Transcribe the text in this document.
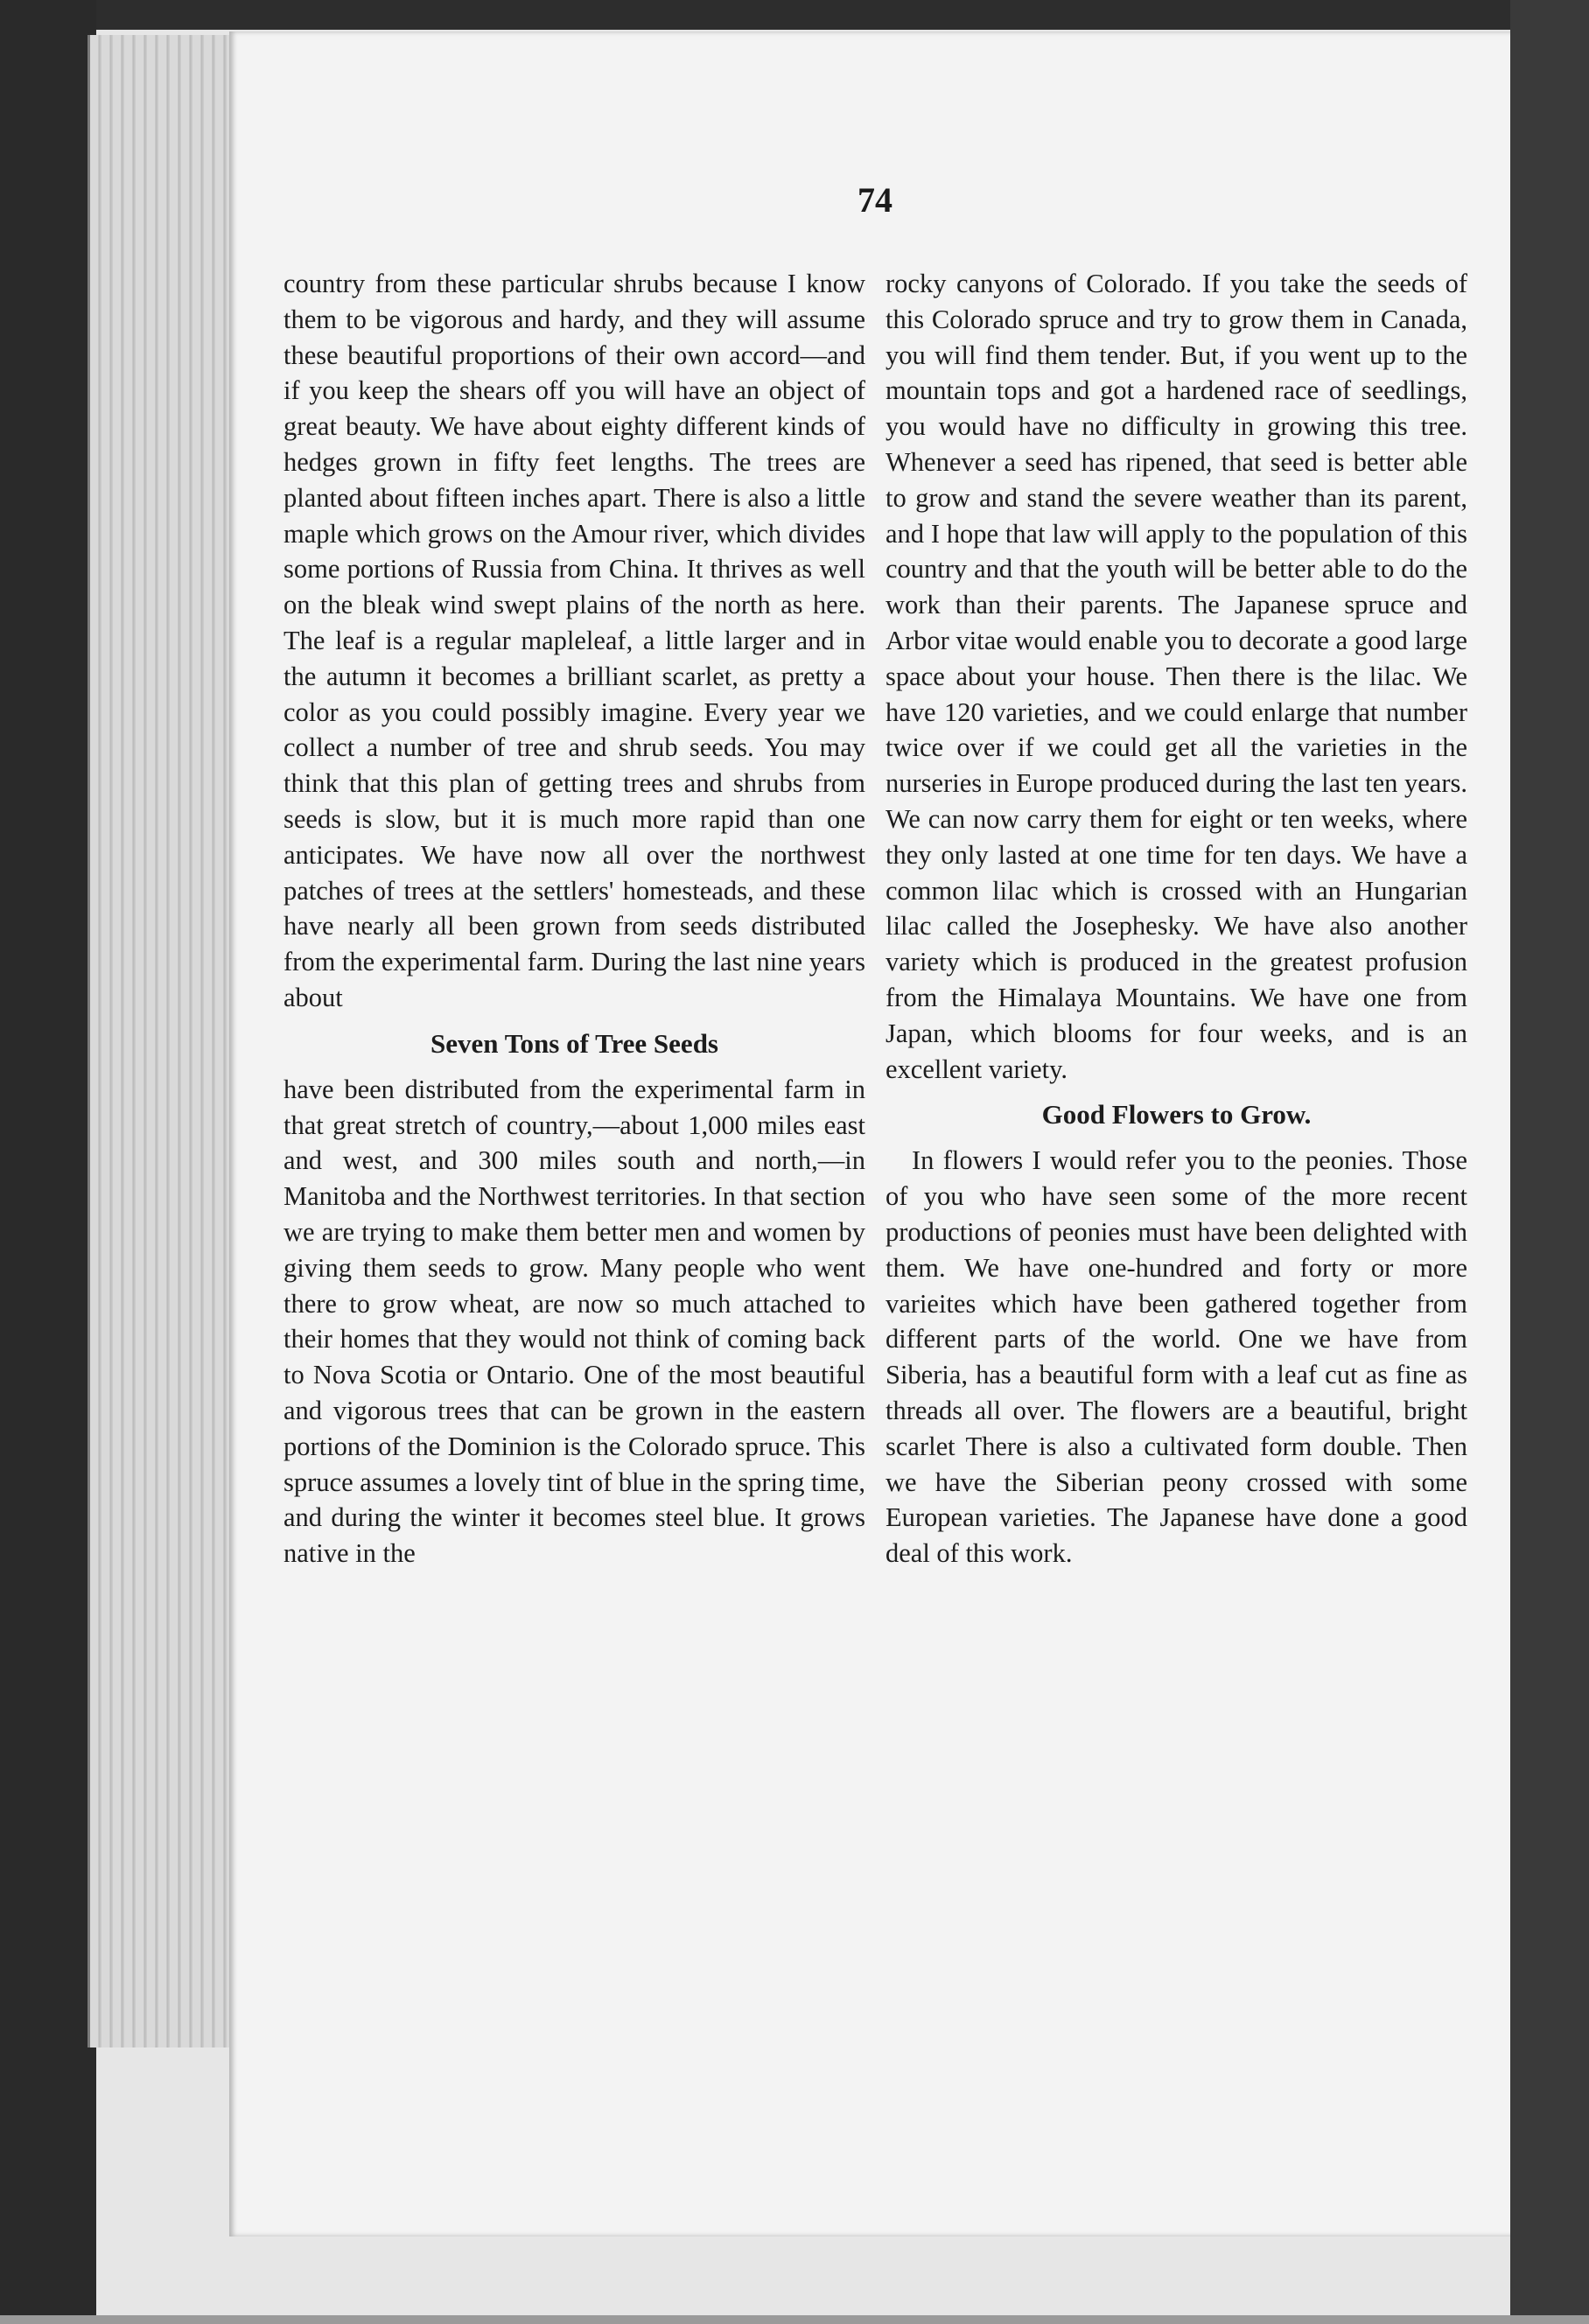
74

country from these particular shrubs because I know them to be vigorous and hardy, and they will assume these beautiful proportions of their own accord—and if you keep the shears off you will have an object of great beauty. We have about eighty different kinds of hedges grown in fifty feet lengths. The trees are planted about fifteen inches apart. There is also a little maple which grows on the Amour river, which divides some portions of Russia from China. It thrives as well on the bleak wind swept plains of the north as here. The leaf is a regular mapleleaf, a little larger and in the autumn it becomes a brilliant scarlet, as pretty a color as you could possibly imagine. Every year we collect a number of tree and shrub seeds. You may think that this plan of getting trees and shrubs from seeds is slow, but it is much more rapid than one anticipates. We have now all over the northwest patches of trees at the settlers' homesteads, and these have nearly all been grown from seeds distributed from the experimental farm. During the last nine years about

Seven Tons of Tree Seeds

have been distributed from the experimental farm in that great stretch of country,—about 1,000 miles east and west, and 300 miles south and north,—in Manitoba and the Northwest territories. In that section we are trying to make them better men and women by giving them seeds to grow. Many people who went there to grow wheat, are now so much attached to their homes that they would not think of coming back to Nova Scotia or Ontario. One of the most beautiful and vigorous trees that can be grown in the eastern portions of the Dominion is the Colorado spruce. This spruce assumes a lovely tint of blue in the spring time, and during the winter it becomes steel blue. It grows native in the

rocky canyons of Colorado. If you take the seeds of this Colorado spruce and try to grow them in Canada, you will find them tender. But, if you went up to the mountain tops and got a hardened race of seedlings, you would have no difficulty in growing this tree. Whenever a seed has ripened, that seed is better able to grow and stand the severe weather than its parent, and I hope that law will apply to the population of this country and that the youth will be better able to do the work than their parents. The Japanese spruce and Arbor vitae would enable you to decorate a good large space about your house. Then there is the lilac. We have 120 varieties, and we could enlarge that number twice over if we could get all the varieties in the nurseries in Europe produced during the last ten years. We can now carry them for eight or ten weeks, where they only lasted at one time for ten days. We have a common lilac which is crossed with an Hungarian lilac called the Josephesky. We have also another variety which is produced in the greatest profusion from the Himalaya Mountains. We have one from Japan, which blooms for four weeks, and is an excellent variety.

Good Flowers to Grow.

In flowers I would refer you to the peonies. Those of you who have seen some of the more recent productions of peonies must have been delighted with them. We have one-hundred and forty or more varieites which have been gathered together from different parts of the world. One we have from Siberia, has a beautiful form with a leaf cut as fine as threads all over. The flowers are a beautiful, bright scarlet There is also a cultivated form double. Then we have the Siberian peony crossed with some European varieties. The Japanese have done a good deal of this work.
